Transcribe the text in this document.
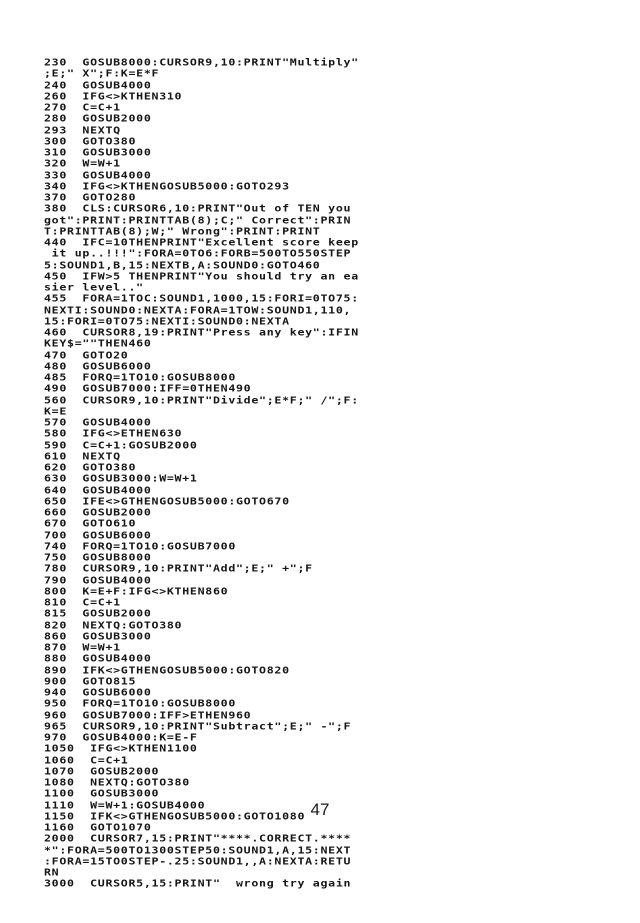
230  GOSUB8000:CURSOR9,10:PRINT"Multiply"
;E;" X";F:K=E*F
240  GOSUB4000
260  IFG<>KTHEN310
270  C=C+1
280  GOSUB2000
293  NEXTQ
300  GOTO380
310  GOSUB3000
320  W=W+1
330  GOSUB4000
340  IFG<>KTHENGOSUB5000:GOTO293
370  GOTO280
380  CLS:CURSOR6,10:PRINT"Out of TEN you
got":PRINT:PRINTTAB(8);C;" Correct":PRIN
T:PRINTTAB(8);W;" Wrong":PRINT:PRINT
440  IFC=10THENPRINT"Excellent score keep
it up..!!!":FORA=0TO6:FORB=500TO550STEP
5:SOUND1,B,15:NEXTB,A:SOUND0:GOTO460
450  IFW>5 THENPRINT"You should try an ea
sier level.."
455  FORA=1TOC:SOUND1,1000,15:FORI=0TO75:
NEXTI:SOUND0:NEXTA:FORA=1TOW:SOUND1,110,
15:FORI=0TO75:NEXTI:SOUND0:NEXTA
460  CURSOR8,19:PRINT"Press any key":IFIN
KEY$=""THEN460
470  GOTO20
480  GOSUB6000
485  FORQ=1TO10:GOSUB8000
490  GOSUB7000:IFF=0THEN490
560  CURSOR9,10:PRINT"Divide";E*F;" /";F:
K=E
570  GOSUB4000
580  IFG<>ETHEN630
590  C=C+1:GOSUB2000
610  NEXTQ
620  GOTO380
630  GOSUB3000:W=W+1
640  GOSUB4000
650  IFE<>GTHENGOSUB5000:GOTO670
660  GOSUB2000
670  GOTO610
700  GOSUB6000
740  FORQ=1TO10:GOSUB7000
750  GOSUB8000
780  CURSOR9,10:PRINT"Add";E;" +";F
790  GOSUB4000
800  K=E+F:IFG<>KTHEN860
810  C=C+1
815  GOSUB2000
820  NEXTQ:GOTO380
860  GOSUB3000
870  W=W+1
880  GOSUB4000
890  IFK<>GTHENGOSUB5000:GOTO820
900  GOTO815
940  GOSUB6000
950  FORQ=1TO10:GOSUB8000
960  GOSUB7000:IFF>ETHEN960
965  CURSOR9,10:PRINT"Subtract";E;" -";F
970  GOSUB4000:K=E-F
1050  IFG<>KTHEN1100
1060  C=C+1
1070  GOSUB2000
1080  NEXTQ:GOTO380
1100  GOSUB3000
1110  W=W+1:GOSUB4000
1150  IFK<>GTHENGOSUB5000:GOTO1080
1160  GOTO1070
2000  CURSOR7,15:PRINT"****.CORRECT.****
*":FORA=500TO1300STEP50:SOUND1,A,15:NEXT
:FORA=15TO0STEP-.25:SOUND1,,A:NEXTA:RETU
RN
3000  CURSOR5,15:PRINT"  wrong try again
47
